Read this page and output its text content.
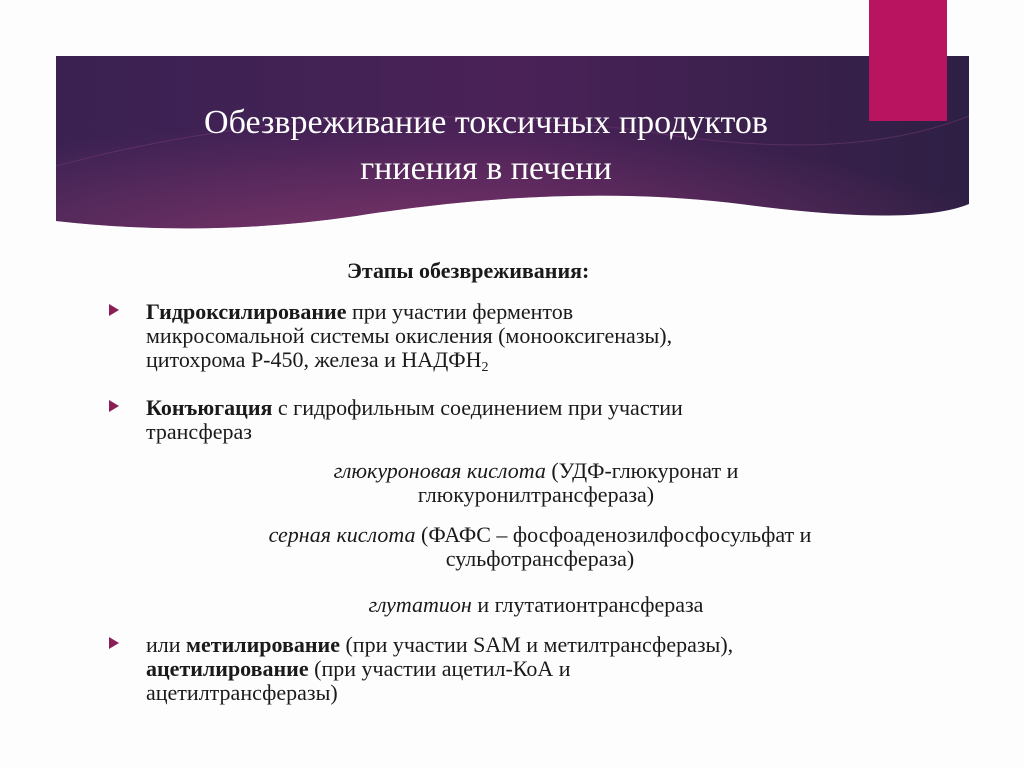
Обезвреживание токсичных продуктов
гниения в печени
Этапы обезвреживания:

Гидроксилирование при участии ферментов

микросомальной системы окисления (монооксигеназы),

цитохрома Р-450, железа и $НАДФН_2$

Конъюгация с гидрофильным соединением при участии

трансфераз

глюкуроновая кислота (УДФ-глюкуронат и

глюкуронилтрансфераза)

серная кислота (ФАФС – фосфоаденозилфосфосульфат и

сульфотрансфераза)

глутатион и глутатионтрансфераза

или метилирование (при участии SAM и метилтрансферазы),

ацетилирование (при участии ацетил-КоА и

ацетилтрансферазы)
